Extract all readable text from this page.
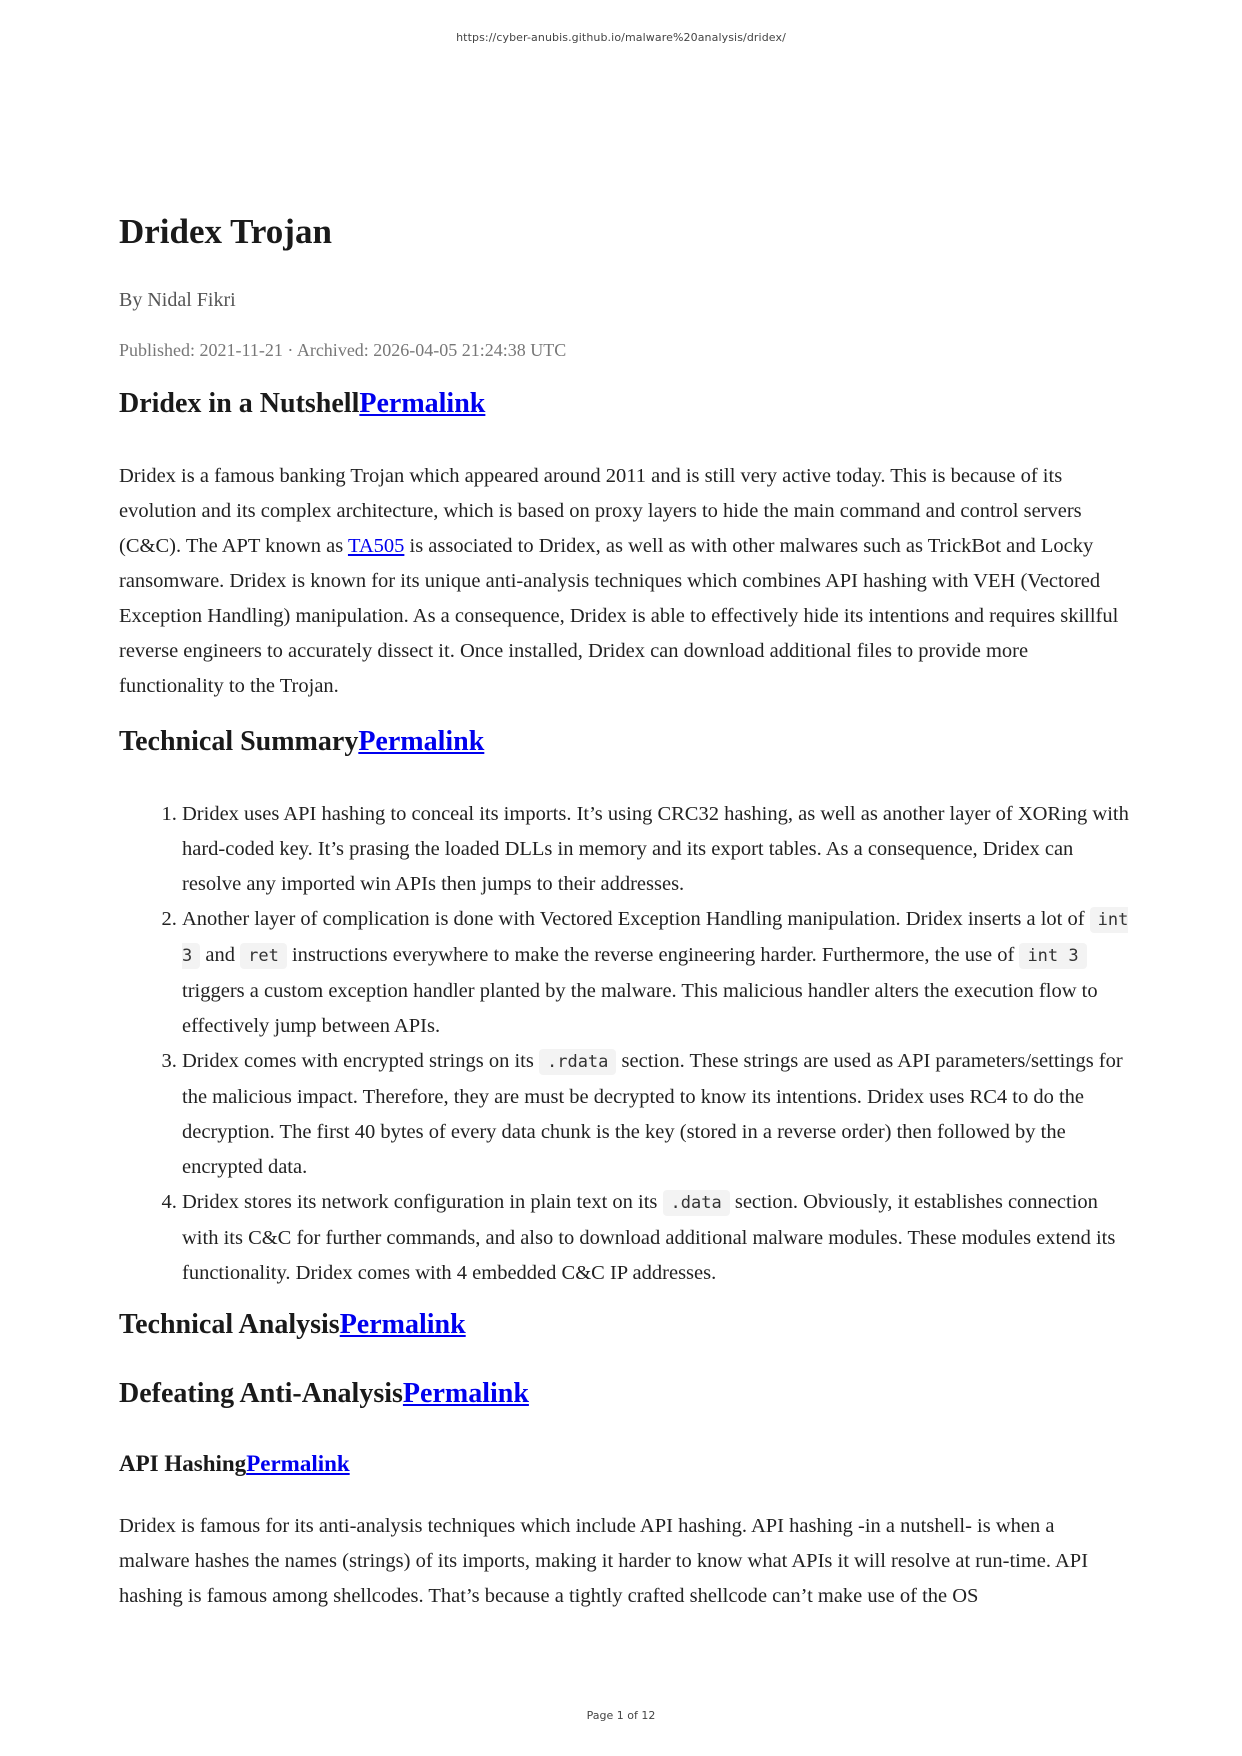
https://cyber-anubis.github.io/malware%20analysis/dridex/
Dridex Trojan
By Nidal Fikri
Published: 2021-11-21 · Archived: 2026-04-05 21:24:38 UTC
Dridex in a NutshellPermalink

Dridex is a famous banking Trojan which appeared around 2011 and is still very active today. This is because of its evolution and its complex architecture, which is based on proxy layers to hide the main command and control servers (C&C). The APT known as TA505 is associated to Dridex, as well as with other malwares such as TrickBot and Locky ransomware. Dridex is known for its unique anti-analysis techniques which combines API hashing with VEH (Vectored Exception Handling) manipulation. As a consequence, Dridex is able to effectively hide its intentions and requires skillful reverse engineers to accurately dissect it. Once installed, Dridex can download additional files to provide more functionality to the Trojan.

Technical SummaryPermalink
1. Dridex uses API hashing to conceal its imports. It’s using CRC32 hashing, as well as another layer of XORing with hard-coded key. It’s prasing the loaded DLLs in memory and its export tables. As a consequence, Dridex can resolve any imported win APIs then jumps to their addresses.
2. Another layer of complication is done with Vectored Exception Handling manipulation. Dridex inserts a lot of int 3 and ret instructions everywhere to make the reverse engineering harder. Furthermore, the use of int 3 triggers a custom exception handler planted by the malware. This malicious handler alters the execution flow to effectively jump between APIs.
3. Dridex comes with encrypted strings on its .rdata section. These strings are used as API parameters/settings for the malicious impact. Therefore, they are must be decrypted to know its intentions. Dridex uses RC4 to do the decryption. The first 40 bytes of every data chunk is the key (stored in a reverse order) then followed by the encrypted data.
4. Dridex stores its network configuration in plain text on its .data section. Obviously, it establishes connection with its C&C for further commands, and also to download additional malware modules. These modules extend its functionality. Dridex comes with 4 embedded C&C IP addresses.
Technical AnalysisPermalink
Defeating Anti-AnalysisPermalink
API HashingPermalink

Dridex is famous for its anti-analysis techniques which include API hashing. API hashing -in a nutshell- is when a malware hashes the names (strings) of its imports, making it harder to know what APIs it will resolve at run-time. API hashing is famous among shellcodes. That’s because a tightly crafted shellcode can’t make use of the OS

Page 1 of 12
